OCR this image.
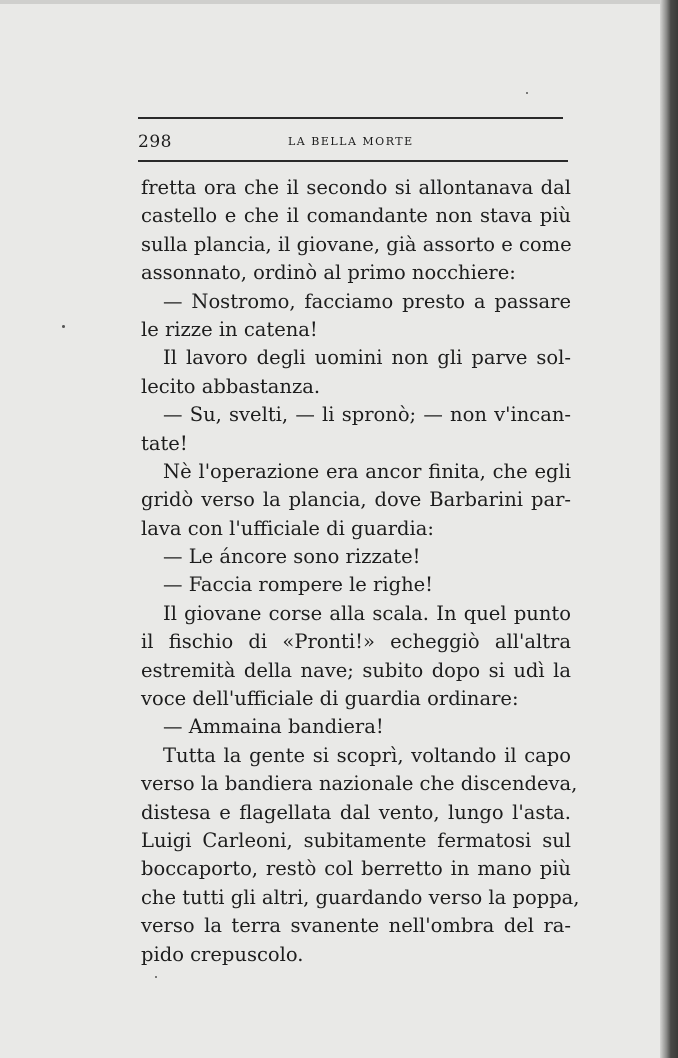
298	LA BELLA MORTE
fretta ora che il secondo si allontanava dal
castello e che il comandante non stava più
sulla plancia, il giovane, già assorto e come
assonnato, ordinò al primo nocchiere:
— Nostromo, facciamo presto a passare
le rizze in catena!
Il lavoro degli uomini non gli parve sol-
lecito abbastanza.
— Su, svelti, — li spronò; — non v'incan-
tate!
Nè l'operazione era ancor finita, che egli
gridò verso la plancia, dove Barbarini par-
lava con l'ufficiale di guardia:
— Le áncore sono rizzate!
— Faccia rompere le righe!
Il giovane corse alla scala. In quel punto
il fischio di «Pronti!» echeggiò all'altra
estremità della nave; subito dopo si udì la
voce dell'ufficiale di guardia ordinare:
— Ammaina bandiera!
Tutta la gente si scoprì, voltando il capo
verso la bandiera nazionale che discendeva,
distesa e flagellata dal vento, lungo l'asta.
Luigi Carleoni, subitamente fermatosi sul
boccaporto, restò col berretto in mano più
che tutti gli altri, guardando verso la poppa,
verso la terra svanente nell'ombra del ra-
pido crepuscolo.
